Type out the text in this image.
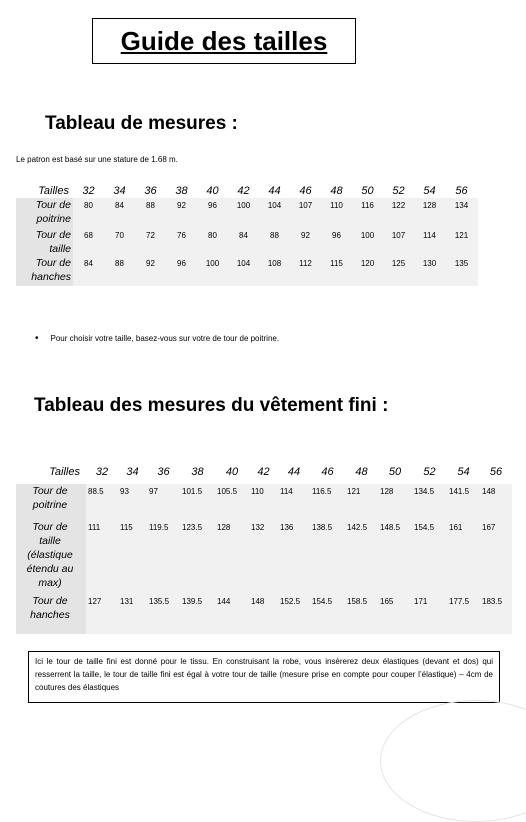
Guide des tailles
Tableau de mesures :
Le patron est basé sur une stature de 1.68 m.
Tailles	32	34	36	38	40	42	44	46	48	50	52	54	56

Tour de
poitrine	80	84	88	92	96	100	104	107	110	116	122	128	134

Tour de
taille	68	70	72	76	80	84	88	92	96	100	107	114	121

Tour de
hanches	84	88	92	96	100	104	108	112	115	120	125	130	135
• Pour choisir votre taille, basez-vous sur votre de tour de poitrine.
Tableau des mesures du vêtement fini :
Tailles	32	34	36	38	40	42	44	46	48	50	52	54	56

Tour de
poitrine	88.5	93	97	101.5	105.5	110	114	116.5	121	128	134.5	141.5	148

Tour de
taille
(élastique
étendu au
max)	111	115	119.5	123.5	128	132	136	138.5	142.5	148.5	154.5	161	167

Tour de
hanches	127	131	135.5	139.5	144	148	152.5	154.5	158.5	165	171	177.5	183.5
Ici le tour de taille fini est donné pour le tissu. En construisant la robe, vous insèrerez deux élastiques (devant et dos) qui resserrent la taille, le tour de taille fini est égal à votre tour de taille (mesure prise en compte pour couper l’élastique) – 4cm de coutures des élastiques
